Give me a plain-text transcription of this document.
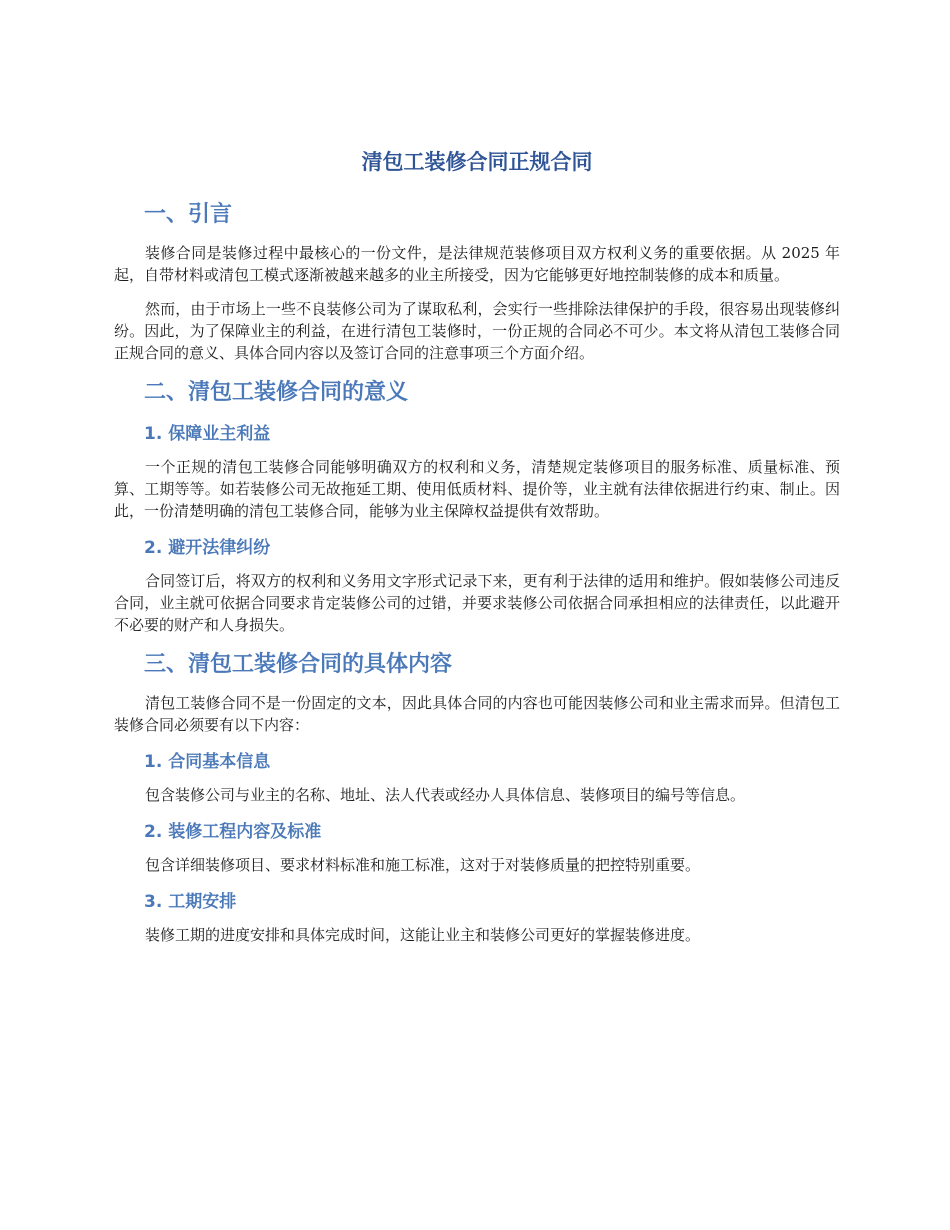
清包工装修合同正规合同
一、引言

装修合同是装修过程中最核心的一份文件，是法律规范装修项目双方权利义务的重要依据。从 2025 年起，自带材料或清包工模式逐渐被越来越多的业主所接受，因为它能够更好地控制装修的成本和质量。

然而，由于市场上一些不良装修公司为了谋取私利，会实行一些排除法律保护的手段，很容易出现装修纠纷。因此，为了保障业主的利益，在进行清包工装修时，一份正规的合同必不可少。本文将从清包工装修合同正规合同的意义、具体合同内容以及签订合同的注意事项三个方面介绍。

二、清包工装修合同的意义
1. 保障业主利益

一个正规的清包工装修合同能够明确双方的权利和义务，清楚规定装修项目的服务标准、质量标准、预算、工期等等。如若装修公司无故拖延工期、使用低质材料、提价等，业主就有法律依据进行约束、制止。因此，一份清楚明确的清包工装修合同，能够为业主保障权益提供有效帮助。

2. 避开法律纠纷

合同签订后，将双方的权利和义务用文字形式记录下来，更有利于法律的适用和维护。假如装修公司违反合同，业主就可依据合同要求肯定装修公司的过错，并要求装修公司依据合同承担相应的法律责任，以此避开不必要的财产和人身损失。

三、清包工装修合同的具体内容

清包工装修合同不是一份固定的文本，因此具体合同的内容也可能因装修公司和业主需求而异。但清包工装修合同必须要有以下内容：

1. 合同基本信息

包含装修公司与业主的名称、地址、法人代表或经办人具体信息、装修项目的编号等信息。

2. 装修工程内容及标准

包含详细装修项目、要求材料标准和施工标准，这对于对装修质量的把控特别重要。

3. 工期安排

装修工期的进度安排和具体完成时间，这能让业主和装修公司更好的掌握装修进度。
